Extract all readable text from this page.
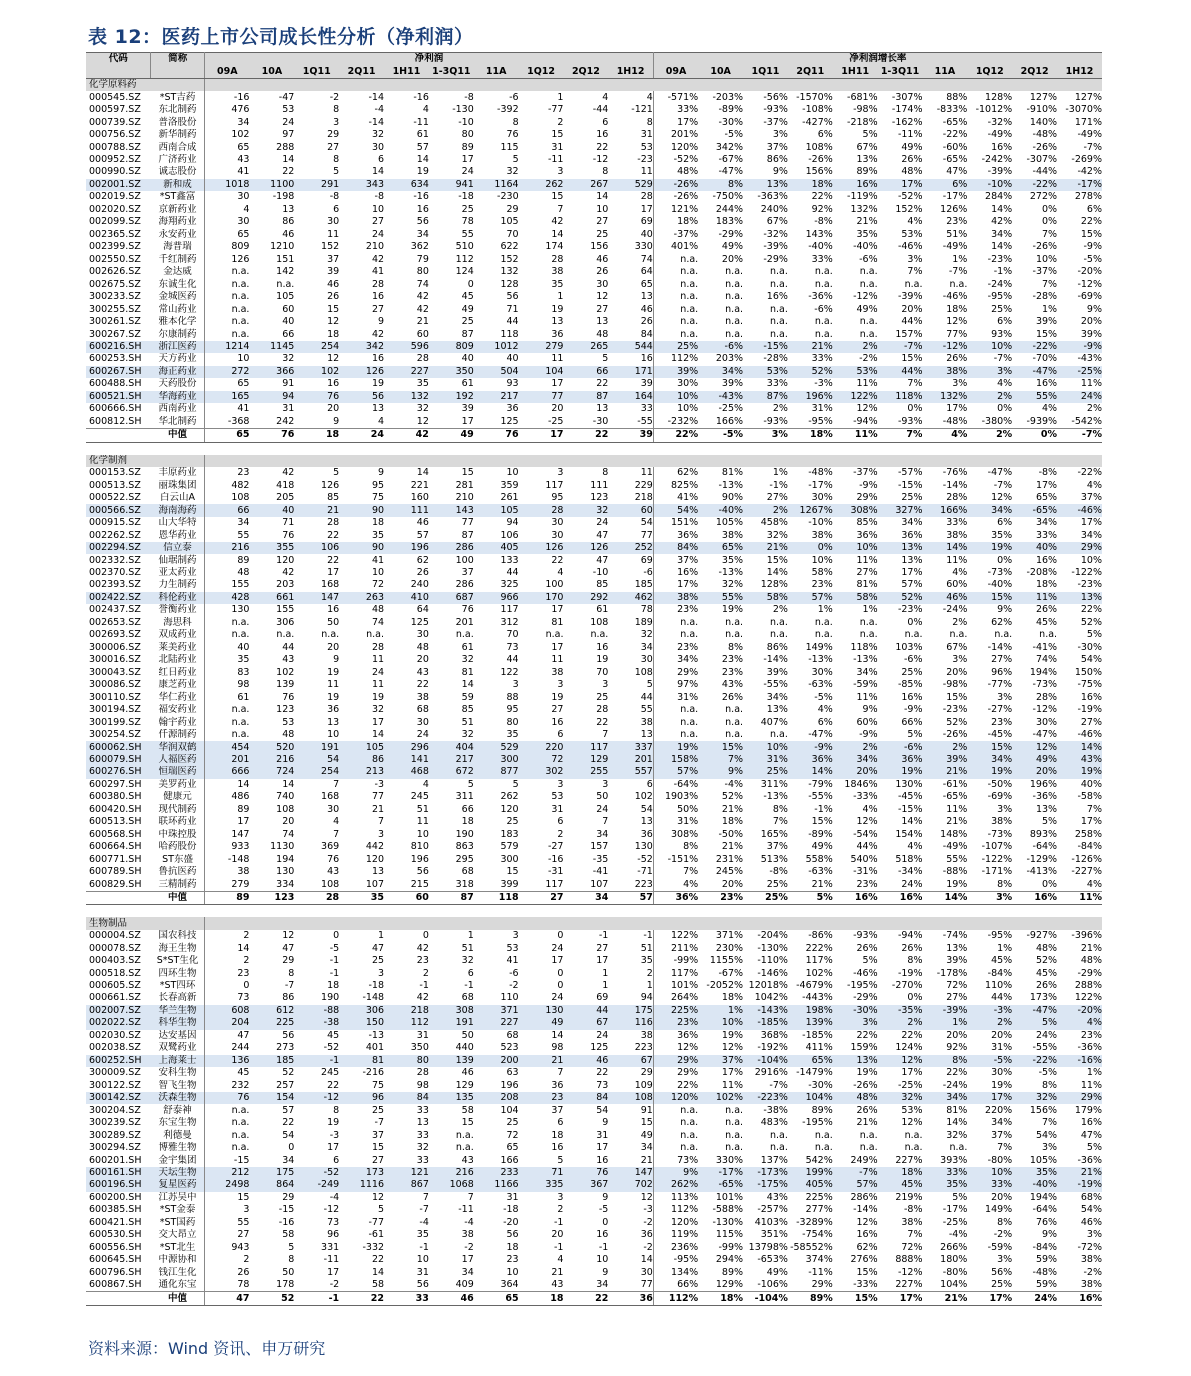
表 12：医药上市公司成长性分析（净利润）
代码	简称	净利润										净利润增长率									
		09A	10A	1Q11	2Q11	1H11	1-3Q11	11A	1Q12	2Q12	1H12	09A	10A	1Q11	2Q11	1H11	1-3Q11	11A	1Q12	2Q12	1H12
化学原料药																					
000545.SZ	*ST吉药	-16	-47	-2	-14	-16	-8	-6	1	4	4	-571%	-203%	-56%	-1570%	-681%	-307%	88%	128%	127%	127%
000597.SZ	东北制药	476	53	8	-4	4	-130	-392	-77	-44	-121	33%	-89%	-93%	-108%	-98%	-174%	-833%	-1012%	-910%	-3070%
000739.SZ	普洛股份	34	24	3	-14	-11	-10	8	2	6	8	17%	-30%	-37%	-427%	-218%	-162%	-65%	-32%	140%	171%
000756.SZ	新华制药	102	97	29	32	61	80	76	15	16	31	201%	-5%	3%	6%	5%	-11%	-22%	-49%	-48%	-49%
000788.SZ	西南合成	65	288	27	30	57	89	115	31	22	53	120%	342%	37%	108%	67%	49%	-60%	16%	-26%	-7%
000952.SZ	广济药业	43	14	8	6	14	17	5	-11	-12	-23	-52%	-67%	86%	-26%	13%	26%	-65%	-242%	-307%	-269%
000990.SZ	诚志股份	41	22	5	14	19	24	32	3	8	11	48%	-47%	9%	156%	89%	48%	47%	-39%	-44%	-42%
002001.SZ	新和成	1018	1100	291	343	634	941	1164	262	267	529	-26%	8%	13%	18%	16%	17%	6%	-10%	-22%	-17%
002019.SZ	*ST鑫富	30	-198	-8	-8	-16	-18	-230	15	14	28	-26%	-750%	-363%	22%	-119%	-52%	-17%	284%	272%	278%
002020.SZ	京新药业	4	13	6	10	16	25	29	7	10	17	121%	244%	240%	92%	132%	152%	126%	14%	0%	6%
002099.SZ	海翔药业	30	86	30	27	56	78	105	42	27	69	18%	183%	67%	-8%	21%	4%	23%	42%	0%	22%
002365.SZ	永安药业	65	46	11	24	34	55	70	14	25	40	-37%	-29%	-32%	143%	35%	53%	51%	34%	7%	15%
002399.SZ	海普瑞	809	1210	152	210	362	510	622	174	156	330	401%	49%	-39%	-40%	-40%	-46%	-49%	14%	-26%	-9%
002550.SZ	千红制药	126	151	37	42	79	112	152	28	46	74	n.a.	20%	-29%	33%	-6%	3%	1%	-23%	10%	-5%
002626.SZ	金达威	n.a.	142	39	41	80	124	132	38	26	64	n.a.	n.a.	n.a.	n.a.	n.a.	7%	-7%	-1%	-37%	-20%
002675.SZ	东诚生化	n.a.	n.a.	46	28	74	0	128	35	30	65	n.a.	n.a.	n.a.	n.a.	n.a.	n.a.	n.a.	-24%	7%	-12%
300233.SZ	金城医药	n.a.	105	26	16	42	45	56	1	12	13	n.a.	n.a.	16%	-36%	-12%	-39%	-46%	-95%	-28%	-69%
300255.SZ	常山药业	n.a.	60	15	27	42	49	71	19	27	46	n.a.	n.a.	n.a.	-6%	49%	20%	18%	25%	1%	9%
300261.SZ	雅本化学	n.a.	40	12	9	21	25	44	13	13	26	n.a.	n.a.	n.a.	n.a.	n.a.	44%	12%	6%	39%	20%
300267.SZ	尔康制药	n.a.	66	18	42	60	87	118	36	48	84	n.a.	n.a.	n.a.	n.a.	n.a.	157%	77%	93%	15%	39%
600216.SH	浙江医药	1214	1145	254	342	596	809	1012	279	265	544	25%	-6%	-15%	21%	2%	-7%	-12%	10%	-22%	-9%
600253.SH	天方药业	10	32	12	16	28	40	40	11	5	16	112%	203%	-28%	33%	-2%	15%	26%	-7%	-70%	-43%
600267.SH	海正药业	272	366	102	126	227	350	504	104	66	171	39%	34%	53%	52%	53%	44%	38%	3%	-47%	-25%
600488.SH	天药股份	65	91	16	19	35	61	93	17	22	39	30%	39%	33%	-3%	11%	7%	3%	4%	16%	11%
600521.SH	华海药业	165	94	76	56	132	192	217	77	87	164	10%	-43%	87%	196%	122%	118%	132%	2%	55%	24%
600666.SH	西南药业	41	31	20	13	32	39	36	20	13	33	10%	-25%	2%	31%	12%	0%	17%	0%	4%	2%
600812.SH	华北制药	-368	242	9	4	12	17	125	-25	-30	-55	-232%	166%	-93%	-95%	-94%	-93%	-48%	-380%	-939%	-542%
	中值	65	76	18	24	42	49	76	17	22	39	22%	-5%	3%	18%	11%	7%	4%	2%	0%	-7%

化学制剂																					
000153.SZ	丰原药业	23	42	5	9	14	15	10	3	8	11	62%	81%	1%	-48%	-37%	-57%	-76%	-47%	-8%	-22%
000513.SZ	丽珠集团	482	418	126	95	221	281	359	117	111	229	825%	-13%	-1%	-17%	-9%	-15%	-14%	-7%	17%	4%
000522.SZ	白云山A	108	205	85	75	160	210	261	95	123	218	41%	90%	27%	30%	29%	25%	28%	12%	65%	37%
000566.SZ	海南海药	66	40	21	90	111	143	105	28	32	60	54%	-40%	2%	1267%	308%	327%	166%	34%	-65%	-46%
000915.SZ	山大华特	34	71	28	18	46	77	94	30	24	54	151%	105%	458%	-10%	85%	34%	33%	6%	34%	17%
002262.SZ	恩华药业	55	76	22	35	57	87	106	30	47	77	36%	38%	32%	38%	36%	36%	38%	35%	33%	34%
002294.SZ	信立泰	216	355	106	90	196	286	405	126	126	252	84%	65%	21%	0%	10%	13%	14%	19%	40%	29%
002332.SZ	仙琚制药	89	120	22	41	62	100	133	22	47	69	37%	35%	15%	10%	11%	13%	11%	0%	16%	10%
002370.SZ	亚太药业	48	42	17	10	26	37	44	4	-10	-6	16%	-13%	14%	58%	27%	17%	4%	-73%	-208%	-122%
002393.SZ	力生制药	155	203	168	72	240	286	325	100	85	185	17%	32%	128%	23%	81%	57%	60%	-40%	18%	-23%
002422.SZ	科伦药业	428	661	147	263	410	687	966	170	292	462	38%	55%	58%	57%	58%	52%	46%	15%	11%	13%
002437.SZ	誉衡药业	130	155	16	48	64	76	117	17	61	78	23%	19%	2%	1%	1%	-23%	-24%	9%	26%	22%
002653.SZ	海思科	n.a.	306	50	74	125	201	312	81	108	189	n.a.	n.a.	n.a.	n.a.	n.a.	0%	2%	62%	45%	52%
002693.SZ	双成药业	n.a.	n.a.	n.a.	n.a.	30	n.a.	70	n.a.	n.a.	32	n.a.	n.a.	n.a.	n.a.	n.a.	n.a.	n.a.	n.a.	n.a.	5%
300006.SZ	莱美药业	40	44	20	28	48	61	73	17	16	34	23%	8%	86%	149%	118%	103%	67%	-14%	-41%	-30%
300016.SZ	北陆药业	35	43	9	11	20	32	44	11	19	30	34%	23%	-14%	-13%	-13%	-6%	3%	27%	74%	54%
300043.SZ	红日药业	83	102	19	24	43	81	122	38	70	108	29%	23%	39%	30%	34%	25%	20%	96%	194%	150%
300086.SZ	康芝药业	98	139	11	11	22	14	3	3	3	5	97%	43%	-55%	-63%	-59%	-85%	-98%	-77%	-73%	-75%
300110.SZ	华仁药业	61	76	19	19	38	59	88	19	25	44	31%	26%	34%	-5%	11%	16%	15%	3%	28%	16%
300194.SZ	福安药业	n.a.	123	36	32	68	85	95	27	28	55	n.a.	n.a.	13%	4%	9%	-9%	-23%	-27%	-12%	-19%
300199.SZ	翰宇药业	n.a.	53	13	17	30	51	80	16	22	38	n.a.	n.a.	407%	6%	60%	66%	52%	23%	30%	27%
300254.SZ	仟源制药	n.a.	48	10	14	24	32	35	6	7	13	n.a.	n.a.	n.a.	-47%	-9%	5%	-26%	-45%	-47%	-46%
600062.SH	华润双鹤	454	520	191	105	296	404	529	220	117	337	19%	15%	10%	-9%	2%	-6%	2%	15%	12%	14%
600079.SH	人福医药	201	216	54	86	141	217	300	72	129	201	158%	7%	31%	36%	34%	36%	39%	34%	49%	43%
600276.SH	恒瑞医药	666	724	254	213	468	672	877	302	255	557	57%	9%	25%	14%	20%	19%	21%	19%	20%	19%
600297.SH	美罗药业	14	14	7	-3	4	5	5	3	3	6	-64%	-4%	311%	-79%	1846%	130%	-61%	-50%	196%	40%
600380.SH	健康元	486	740	168	77	245	311	262	53	50	102	1903%	52%	-13%	-55%	-33%	-45%	-65%	-69%	-36%	-58%
600420.SH	现代制药	89	108	30	21	51	66	120	31	24	54	50%	21%	8%	-1%	4%	-15%	11%	3%	13%	7%
600513.SH	联环药业	17	20	4	7	11	18	25	6	7	13	31%	18%	7%	15%	12%	14%	21%	38%	5%	17%
600568.SH	中珠控股	147	74	7	3	10	190	183	2	34	36	308%	-50%	165%	-89%	-54%	154%	148%	-73%	893%	258%
600664.SH	哈药股份	933	1130	369	442	810	863	579	-27	157	130	8%	21%	37%	49%	44%	4%	-49%	-107%	-64%	-84%
600771.SH	ST东盛	-148	194	76	120	196	295	300	-16	-35	-52	-151%	231%	513%	558%	540%	518%	55%	-122%	-129%	-126%
600789.SH	鲁抗医药	38	130	43	13	56	68	15	-31	-41	-71	7%	245%	-8%	-63%	-31%	-34%	-88%	-171%	-413%	-227%
600829.SH	三精制药	279	334	108	107	215	318	399	117	107	223	4%	20%	25%	21%	23%	24%	19%	8%	0%	4%
	中值	89	123	28	35	60	87	118	27	34	57	36%	23%	25%	5%	16%	16%	14%	3%	16%	11%

生物制品																					
000004.SZ	国农科技	2	12	0	1	0	1	3	0	-1	-1	122%	371%	-204%	-86%	-93%	-94%	-74%	-95%	-927%	-396%
000078.SZ	海王生物	14	47	-5	47	42	51	53	24	27	51	211%	230%	-130%	222%	26%	26%	13%	1%	48%	21%
000403.SZ	S*ST生化	2	29	-1	25	23	32	41	17	17	35	-99%	1155%	-110%	117%	5%	8%	39%	45%	52%	48%
000518.SZ	四环生物	23	8	-1	3	2	6	-6	0	1	2	117%	-67%	-146%	102%	-46%	-19%	-178%	-84%	45%	-29%
000605.SZ	*ST四环	0	-7	18	-18	-1	-1	-2	0	1	1	101%	-2052%	12018%	-4679%	-195%	-270%	72%	110%	26%	288%
000661.SZ	长春高新	73	86	190	-148	42	68	110	24	69	94	264%	18%	1042%	-443%	-29%	0%	27%	44%	173%	122%
002007.SZ	华兰生物	608	612	-88	306	218	308	371	130	44	175	225%	1%	-143%	198%	-30%	-35%	-39%	-3%	-47%	-20%
002022.SZ	科华生物	204	225	-38	150	112	191	227	49	67	116	23%	10%	-185%	139%	3%	2%	1%	2%	5%	4%
002030.SZ	达安基因	47	56	45	-13	31	50	68	14	24	38	36%	19%	368%	-185%	22%	22%	20%	20%	24%	23%
002038.SZ	双鹭药业	244	273	-52	401	350	440	523	98	125	223	12%	12%	-192%	411%	159%	124%	92%	31%	-55%	-36%
600252.SH	上海莱士	136	185	-1	81	80	139	200	21	46	67	29%	37%	-104%	65%	13%	12%	8%	-5%	-22%	-16%
300009.SZ	安科生物	45	52	245	-216	28	46	63	7	22	29	29%	17%	2916%	-1479%	19%	17%	22%	30%	-5%	1%
300122.SZ	智飞生物	232	257	22	75	98	129	196	36	73	109	22%	11%	-7%	-30%	-26%	-25%	-24%	19%	8%	11%
300142.SZ	沃森生物	76	154	-12	96	84	135	208	23	84	108	120%	102%	-223%	104%	48%	32%	34%	17%	32%	29%
300204.SZ	舒泰神	n.a.	57	8	25	33	58	104	37	54	91	n.a.	n.a.	-38%	89%	26%	53%	81%	220%	156%	179%
300239.SZ	东宝生物	n.a.	22	19	-7	13	15	25	6	9	15	n.a.	n.a.	483%	-195%	21%	12%	14%	34%	7%	16%
300289.SZ	利德曼	n.a.	54	-3	37	33	n.a.	72	18	31	49	n.a.	n.a.	n.a.	n.a.	n.a.	n.a.	32%	37%	54%	47%
300294.SZ	博雅生物	n.a.	0	17	15	32	n.a.	65	16	17	34	n.a.	n.a.	n.a.	n.a.	n.a.	n.a.	n.a.	7%	3%	5%
600201.SH	金宇集团	-15	34	6	27	33	43	166	5	16	21	73%	330%	137%	542%	249%	227%	393%	-80%	105%	-36%
600161.SH	天坛生物	212	175	-52	173	121	216	233	71	76	147	9%	-17%	-173%	199%	-7%	18%	33%	10%	35%	21%
600196.SH	复星医药	2498	864	-249	1116	867	1068	1166	335	367	702	262%	-65%	-175%	405%	57%	45%	35%	33%	-40%	-19%
600200.SH	江苏吴中	15	29	-4	12	7	7	31	3	9	12	113%	101%	43%	225%	286%	219%	5%	20%	194%	68%
600385.SH	*ST金泰	3	-15	-12	5	-7	-11	-18	2	-5	-3	112%	-588%	-257%	277%	-14%	-8%	-17%	149%	-64%	54%
600421.SH	*ST国药	55	-16	73	-77	-4	-4	-20	-1	0	-2	120%	-130%	4103%	-3289%	12%	38%	-25%	8%	76%	46%
600530.SH	交大昂立	27	58	96	-61	35	38	56	20	16	36	119%	115%	351%	-754%	16%	7%	-4%	-2%	9%	3%
600556.SH	*ST北生	943	5	331	-332	-1	-2	18	-1	-1	-2	236%	-99%	13798%	-58552%	62%	72%	266%	-59%	-84%	-72%
600645.SH	中源协和	2	8	-11	22	10	17	23	4	10	14	-95%	294%	-653%	374%	276%	888%	180%	3%	59%	38%
600796.SH	钱江生化	26	50	17	14	31	34	10	21	9	30	134%	89%	49%	-11%	15%	-12%	-80%	56%	-48%	-2%
600867.SH	通化东宝	78	178	-2	58	56	409	364	43	34	77	66%	129%	-106%	29%	-33%	227%	104%	25%	59%	38%
	中值	47	52	-1	22	33	46	65	18	22	36	112%	18%	-104%	89%	15%	17%	21%	17%	24%	16%
资料来源：Wind 资讯、申万研究
